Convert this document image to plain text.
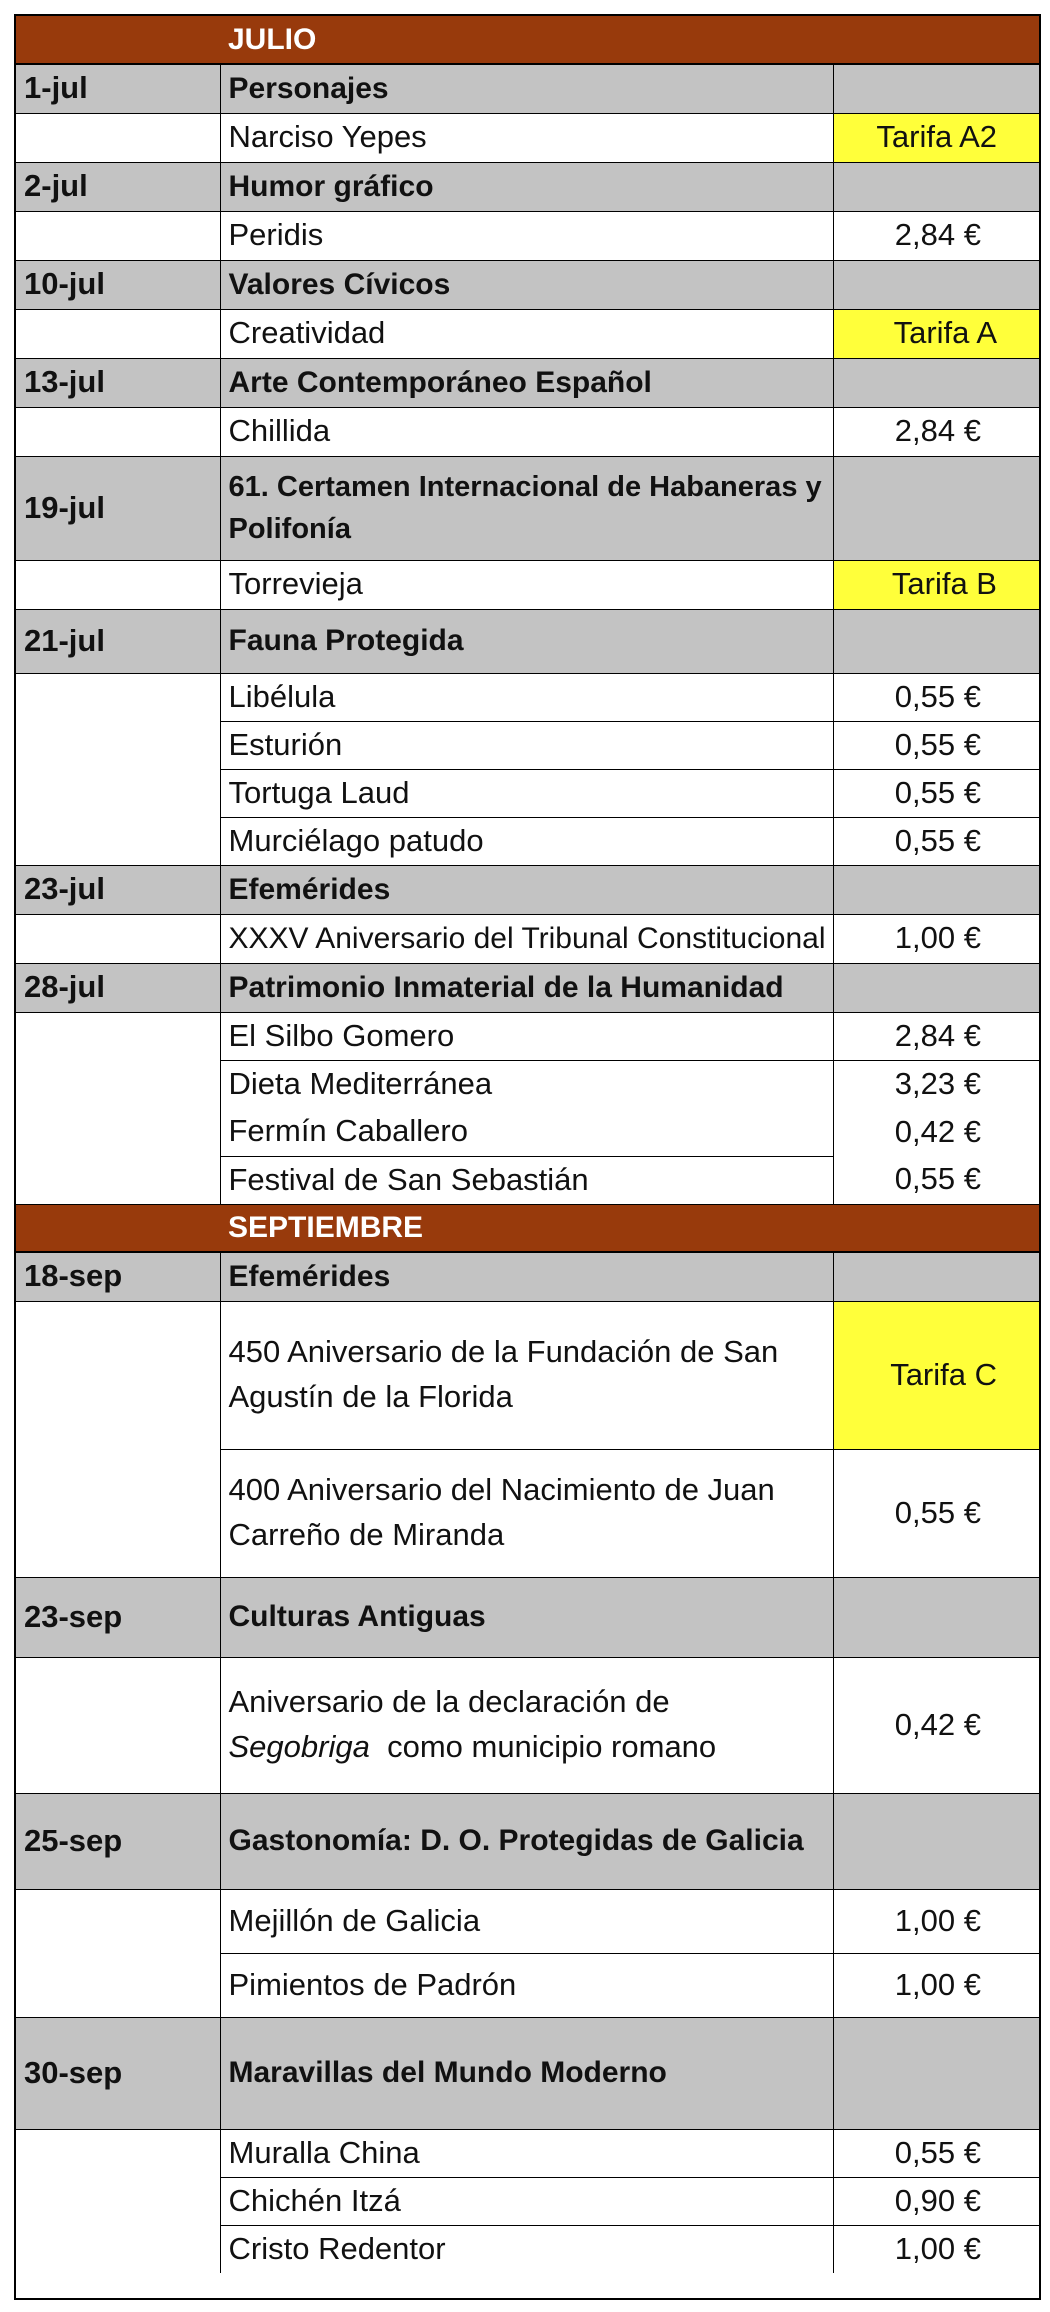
	JULIO	
1-jul	Personajes	
	Narciso Yepes	Tarifa A2
2-jul	Humor gráfico	
	Peridis	2,84 €
10-jul	Valores Cívicos	
	Creatividad	Tarifa A
13-jul	Arte Contemporáneo Español	
	Chillida	2,84 €
19-jul	61. Certamen Internacional de Habaneras y Polifonía	
	Torrevieja	Tarifa B
21-jul	Fauna Protegida	
	Libélula	0,55 €
	Esturión	0,55 €
	Tortuga Laud	0,55 €
	Murciélago patudo	0,55 €
23-jul	Efemérides	
	XXXV Aniversario del Tribunal Constitucional	1,00 €
28-jul	Patrimonio Inmaterial de la Humanidad	
	El Silbo Gomero	2,84 €
	Dieta Mediterránea	3,23 €
	Fermín Caballero	0,42 €
	Festival de San Sebastián	0,55 €
	SEPTIEMBRE	
18-sep	Efemérides	
	450 Aniversario de la Fundación de San Agustín de la Florida	Tarifa C
	400 Aniversario del Nacimiento de Juan Carreño de Miranda	0,55 €
23-sep	Culturas Antiguas	
	Aniversario de la declaración de Segobriga como municipio romano	0,42 €
25-sep	Gastonomía: D. O. Protegidas de Galicia	
	Mejillón de Galicia	1,00 €
	Pimientos de Padrón	1,00 €
30-sep	Maravillas del Mundo Moderno	
	Muralla China	0,55 €
	Chichén Itzá	0,90 €
	Cristo Redentor	1,00 €
